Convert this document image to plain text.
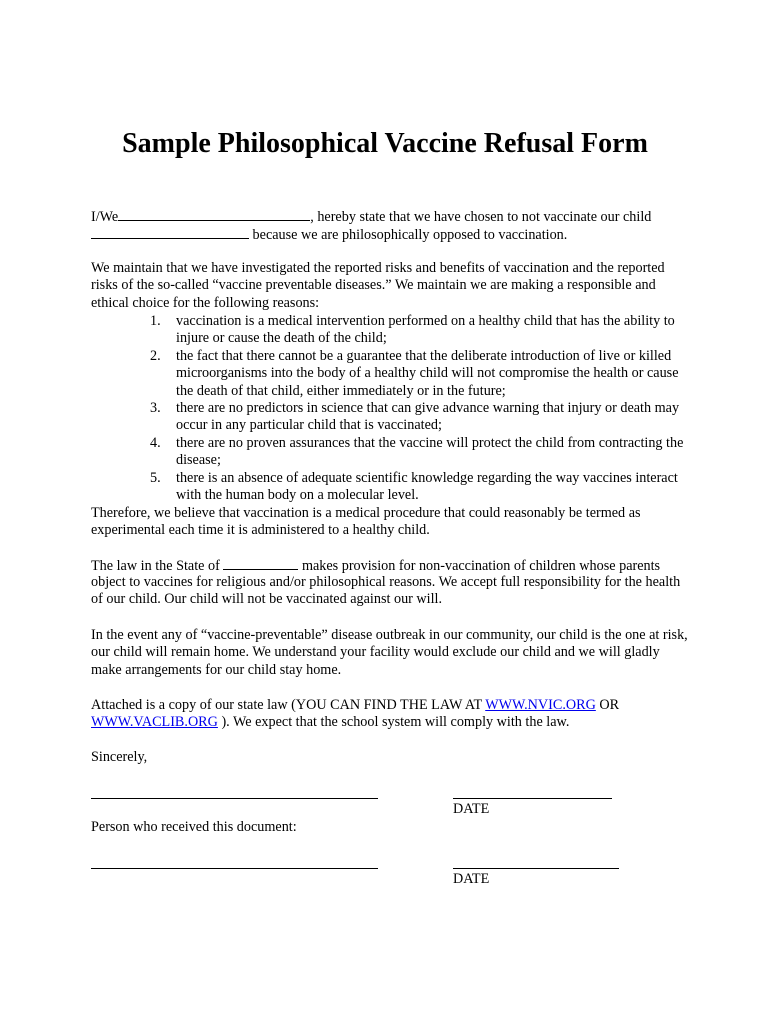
Sample Philosophical Vaccine Refusal Form

I/We	, hereby state that we have chosen to not vaccinate our child

because we are philosophically opposed to vaccination.

We maintain that we have investigated the reported risks and benefits of vaccination and the reported risks of the so-called “vaccine preventable diseases.” We maintain we are making a responsible and ethical choice for the following reasons:

1. vaccination is a medical intervention performed on a healthy child that has the ability to injure or cause the death of the child;
2. the fact that there cannot be a guarantee that the deliberate introduction of live or killed microorganisms into the body of a healthy child will not compromise the health or cause the death of that child, either immediately or in the future;
3. there are no predictors in science that can give advance warning that injury or death may occur in any particular child that is vaccinated;
4. there are no proven assurances that the vaccine will protect the child from contracting the disease;
5. there is an absence of adequate scientific knowledge regarding the way vaccines interact with the human body on a molecular level.

Therefore, we believe that vaccination is a medical procedure that could reasonably be termed as experimental each time it is administered to a healthy child.

The law in the State of	makes provision for non-vaccination of children whose parents

object to vaccines for religious and/or philosophical reasons. We accept full responsibility for the health of our child. Our child will not be vaccinated against our will.

In the event any of “vaccine-preventable” disease outbreak in our community, our child is the one at risk, our child will remain home. We understand your facility would exclude our child and we will gladly make arrangements for our child stay home.

Attached is a copy of our state law (YOU CAN FIND THE LAW AT WWW.NVIC.ORG OR

WWW.VACLIB.ORG ). We expect that the school system will comply with the law.

Sincerely,

DATE

Person who received this document:

DATE
